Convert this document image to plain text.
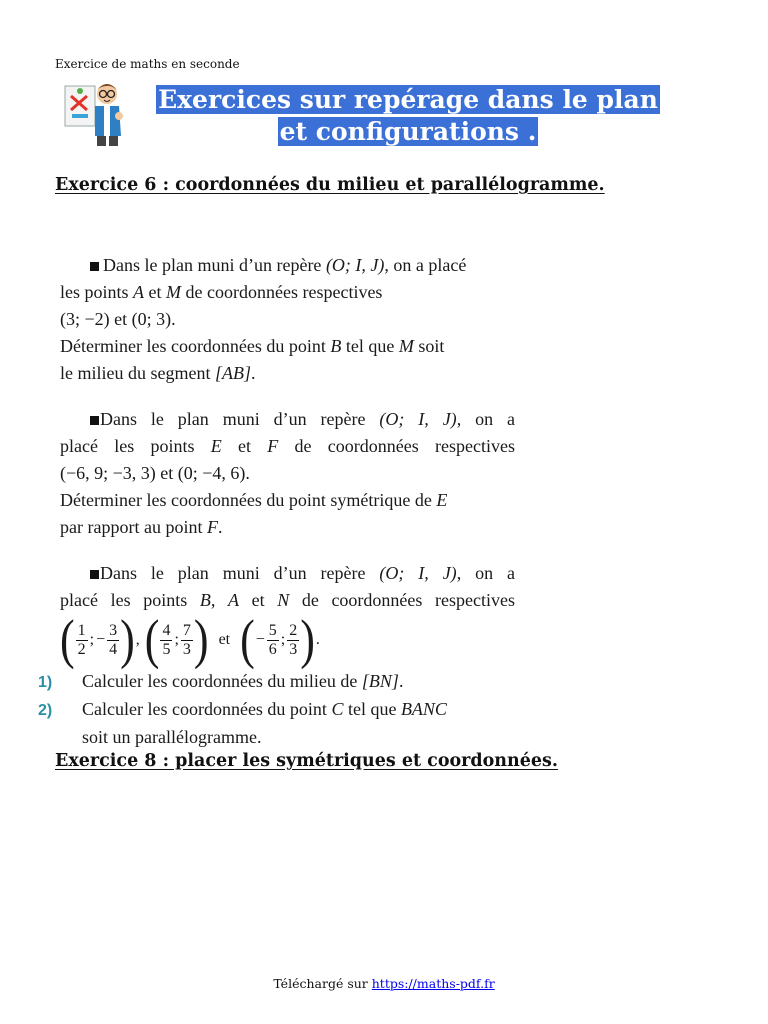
Exercice de maths en seconde
Exercices sur repérage dans le plan
et configurations .
Exercice 6 : coordonnées du milieu et parallélogramme.

Dans le plan muni d’un repère (O; I, J), on a placé

les points A et M de coordonnées respectives

(3; −2) et (0; 3).

Déterminer les coordonnées du point B tel que M soit

le milieu du segment [AB].

Dans le plan muni d’un repère (O; I, J), on a

placé les points E et F de coordonnées respectives

(−6, 9; −3, 3) et (0; −4, 6).

Déterminer les coordonnées du point symétrique de E

par rapport au point F.

Dans le plan muni d’un repère (O; I, J), on a

placé les points B, A et N de coordonnées respectives

( $\frac{1}{2}$ ; − $\frac{3}{4}$ ) , ( $\frac{4}{5}$ ; $\frac{7}{3}$ ) et ( − $\frac{5}{6}$ ; $\frac{2}{3}$ ) .

1) Calculer les coordonnées du milieu de [BN].

2) Calculer les coordonnées du point C tel que BANC
soit un parallélogramme.

Exercice 8 : placer les symétriques et coordonnées.
Téléchargé sur https://maths-pdf.fr
